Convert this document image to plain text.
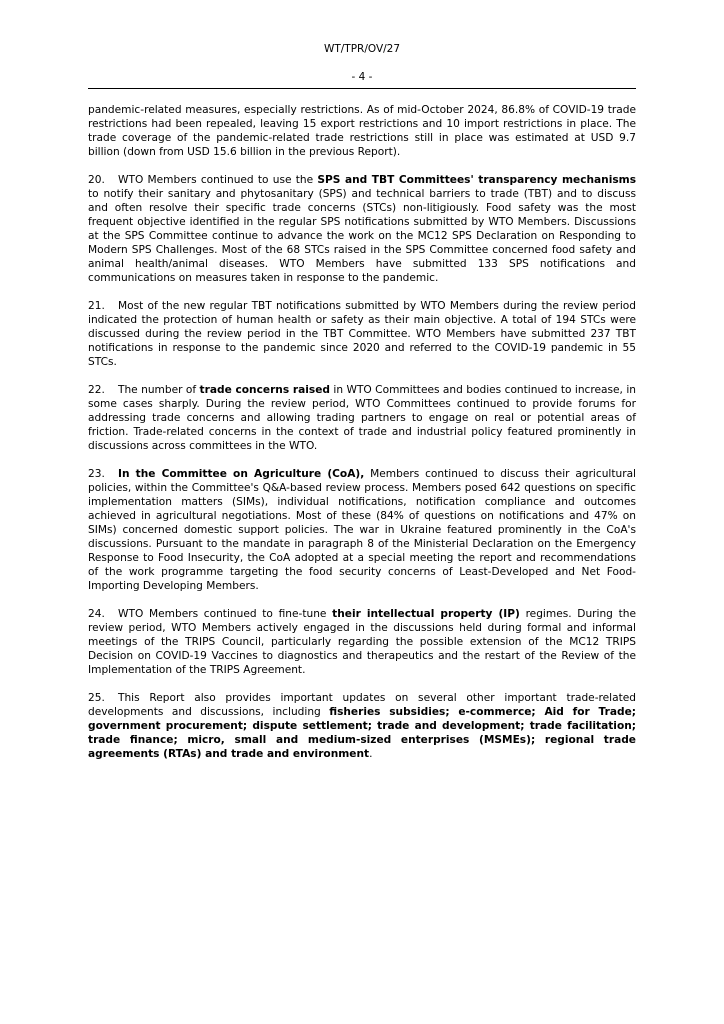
WT/TPR/OV/27
- 4 -

pandemic-related measures, especially restrictions. As of mid-October 2024, 86.8% of COVID-19 trade restrictions had been repealed, leaving 15 export restrictions and 10 import restrictions in place. The trade coverage of the pandemic-related trade restrictions still in place was estimated at USD 9.7 billion (down from USD 15.6 billion in the previous Report).

20. WTO Members continued to use the SPS and TBT Committees' transparency mechanisms to notify their sanitary and phytosanitary (SPS) and technical barriers to trade (TBT) and to discuss and often resolve their specific trade concerns (STCs) non-litigiously. Food safety was the most frequent objective identified in the regular SPS notifications submitted by WTO Members. Discussions at the SPS Committee continue to advance the work on the MC12 SPS Declaration on Responding to Modern SPS Challenges. Most of the 68 STCs raised in the SPS Committee concerned food safety and animal health/animal diseases. WTO Members have submitted 133 SPS notifications and communications on measures taken in response to the pandemic.

21. Most of the new regular TBT notifications submitted by WTO Members during the review period indicated the protection of human health or safety as their main objective. A total of 194 STCs were discussed during the review period in the TBT Committee. WTO Members have submitted 237 TBT notifications in response to the pandemic since 2020 and referred to the COVID-19 pandemic in 55 STCs.

22. The number of trade concerns raised in WTO Committees and bodies continued to increase, in some cases sharply. During the review period, WTO Committees continued to provide forums for addressing trade concerns and allowing trading partners to engage on real or potential areas of friction. Trade-related concerns in the context of trade and industrial policy featured prominently in discussions across committees in the WTO.

23. In the Committee on Agriculture (CoA), Members continued to discuss their agricultural policies, within the Committee's Q&A-based review process. Members posed 642 questions on specific implementation matters (SIMs), individual notifications, notification compliance and outcomes achieved in agricultural negotiations. Most of these (84% of questions on notifications and 47% on SIMs) concerned domestic support policies. The war in Ukraine featured prominently in the CoA's discussions. Pursuant to the mandate in paragraph 8 of the Ministerial Declaration on the Emergency Response to Food Insecurity, the CoA adopted at a special meeting the report and recommendations of the work programme targeting the food security concerns of Least-Developed and Net Food-Importing Developing Members.

24. WTO Members continued to fine-tune their intellectual property (IP) regimes. During the review period, WTO Members actively engaged in the discussions held during formal and informal meetings of the TRIPS Council, particularly regarding the possible extension of the MC12 TRIPS Decision on COVID-19 Vaccines to diagnostics and therapeutics and the restart of the Review of the Implementation of the TRIPS Agreement.

25. This Report also provides important updates on several other important trade-related developments and discussions, including fisheries subsidies; e-commerce; Aid for Trade; government procurement; dispute settlement; trade and development; trade facilitation; trade finance; micro, small and medium-sized enterprises (MSMEs); regional trade agreements (RTAs) and trade and environment.
